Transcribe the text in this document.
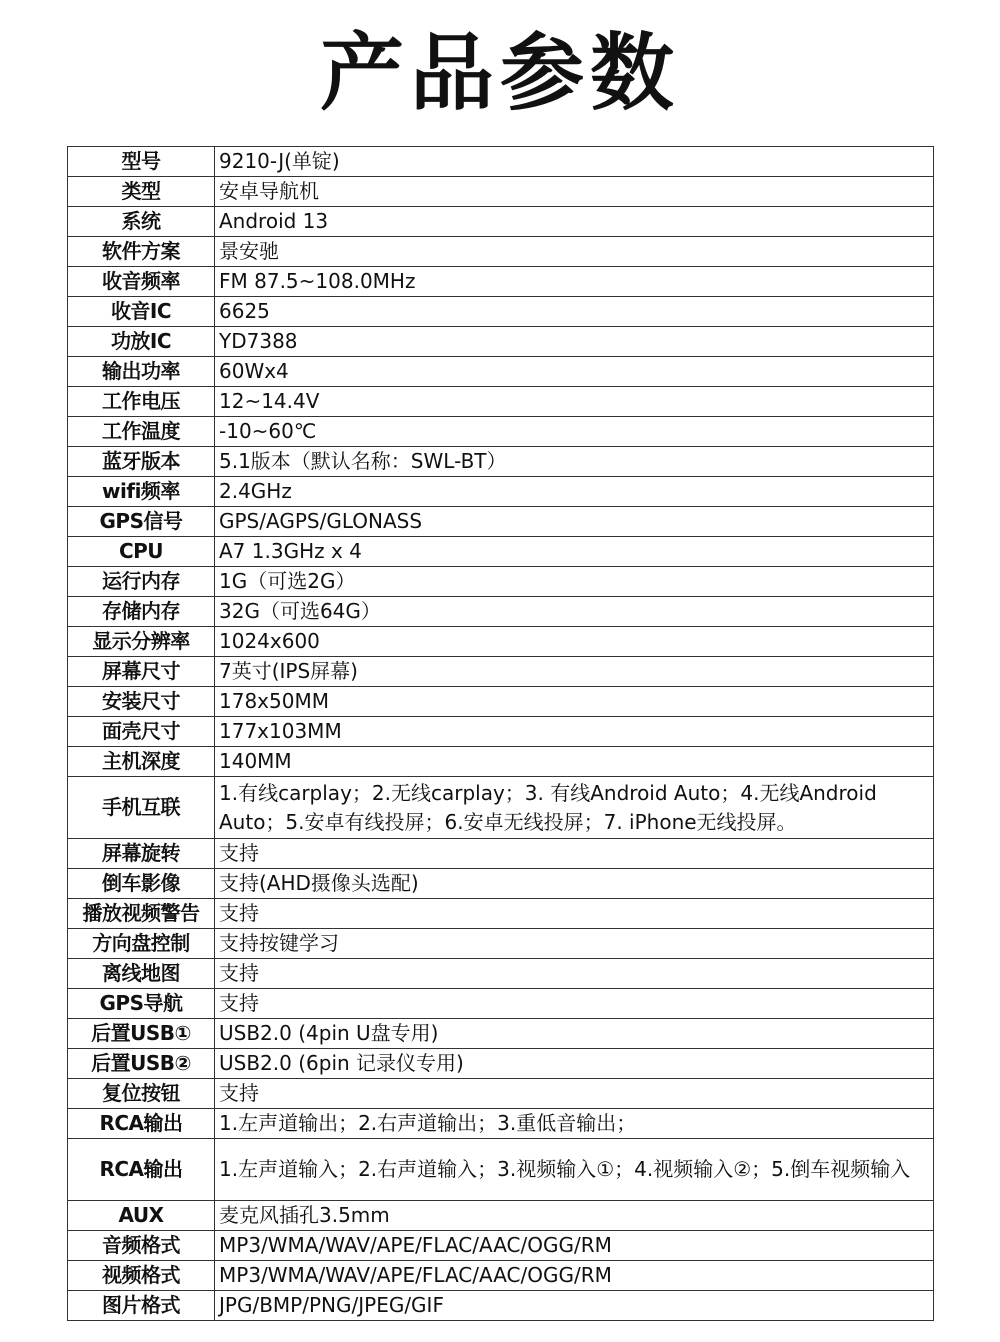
产品参数
型号	9210-J(单锭)
类型	安卓导航机
系统	Android 13
软件方案	景安驰
收音频率	FM 87.5~108.0MHz
收音IC	6625
功放IC	YD7388
输出功率	60Wx4
工作电压	12~14.4V
工作温度	-10~60℃
蓝牙版本	5.1版本（默认名称：SWL-BT）
wifi频率	2.4GHz
GPS信号	GPS/AGPS/GLONASS
CPU	A7 1.3GHz x 4
运行内存	1G（可选2G）
存储内存	32G（可选64G）
显示分辨率	1024x600
屏幕尺寸	7英寸(IPS屏幕)
安装尺寸	178x50MM
面壳尺寸	177x103MM
主机深度	140MM
手机互联	1.有线carplay；2.无线carplay；3. 有线Android Auto；4.无线Android Auto；5.安卓有线投屏；6.安卓无线投屏；7. iPhone无线投屏。
屏幕旋转	支持
倒车影像	支持(AHD摄像头选配)
播放视频警告	支持
方向盘控制	支持按键学习
离线地图	支持
GPS导航	支持
后置USB①	USB2.0 (4pin U盘专用)
后置USB②	USB2.0 (6pin 记录仪专用)
复位按钮	支持
RCA输出	1.左声道输出；2.右声道输出；3.重低音输出；
RCA输出	1.左声道输入；2.右声道输入；3.视频输入①；4.视频输入②；5.倒车视频输入
AUX	麦克风插孔3.5mm
音频格式	MP3/WMA/WAV/APE/FLAC/AAC/OGG/RM
视频格式	MP3/WMA/WAV/APE/FLAC/AAC/OGG/RM
图片格式	JPG/BMP/PNG/JPEG/GIF
